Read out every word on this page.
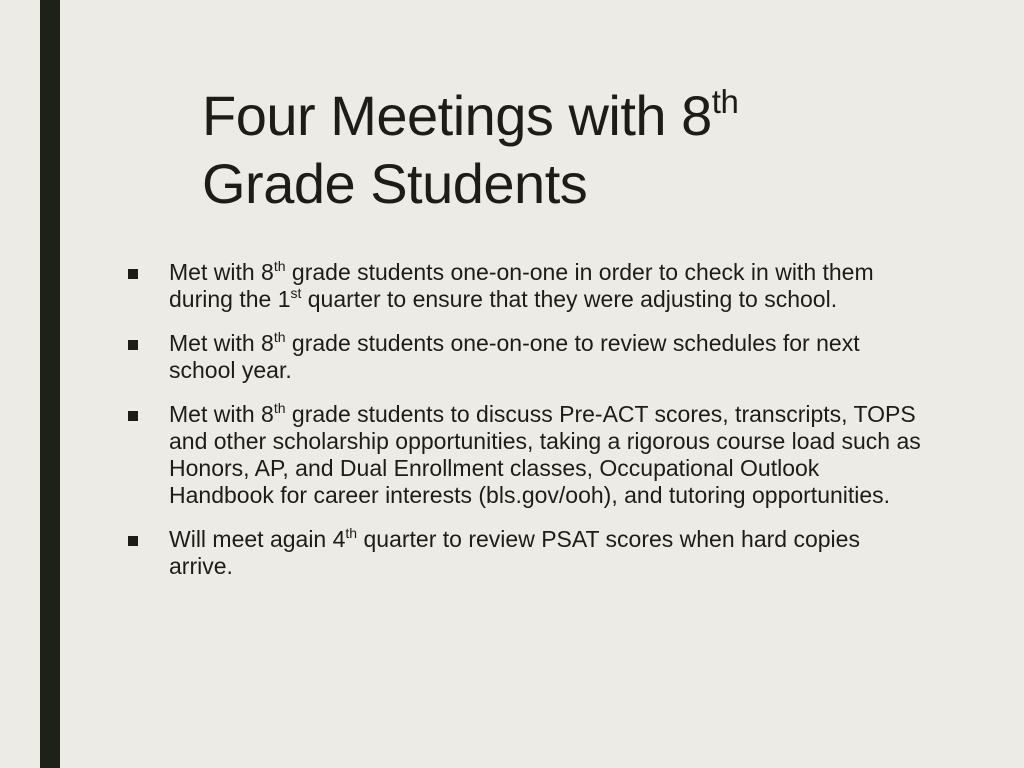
Four Meetings with 8th
Grade Students
Met with 8th grade students one-on-one in order to check in with them during the 1st quarter to ensure that they were adjusting to school.
Met with 8th grade students one-on-one to review schedules for next school year.
Met with 8th grade students to discuss Pre-ACT scores, transcripts, TOPS and other scholarship opportunities, taking a rigorous course load such as Honors, AP, and Dual Enrollment classes, Occupational Outlook Handbook for career interests (bls.gov/ooh), and tutoring opportunities.
Will meet again 4th quarter to review PSAT scores when hard copies arrive.
